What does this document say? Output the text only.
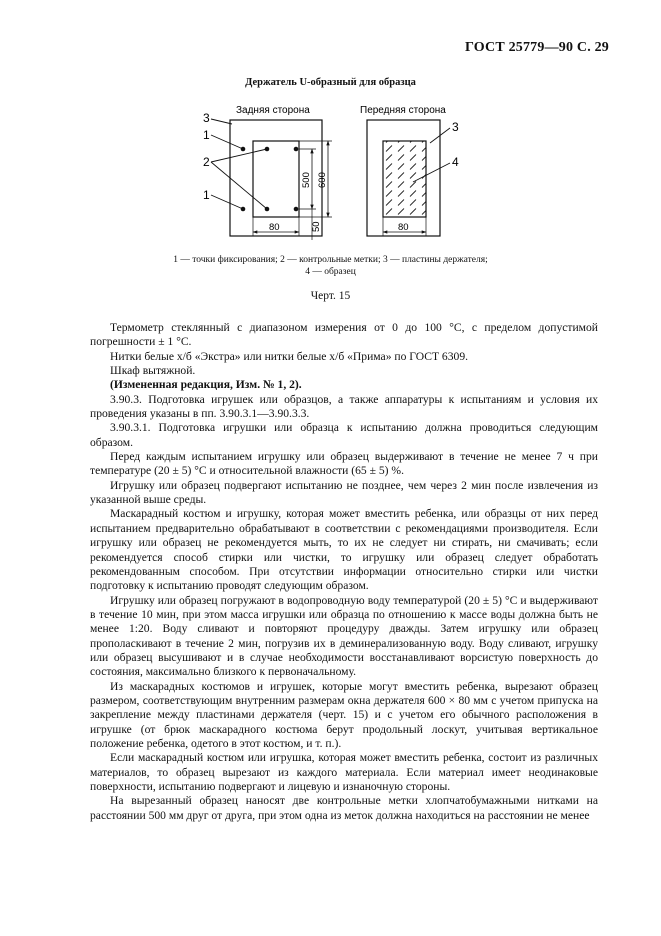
ГОСТ 25779—90 С. 29
Держатель U-образный для образца
Задняя сторона
3
1
2
1
80
500 600
50
Передняя сторона
3
4
80
1 — точки фиксирования; 2 — контрольные метки; 3 — пластины держателя;
4 — образец
Черт. 15

Термометр стеклянный с диапазоном измерения от 0 до 100 °С, с пределом допустимой погрешности ± 1 °С.

Нитки белые х/б «Экстра» или нитки белые х/б «Прима» по ГОСТ 6309.

Шкаф вытяжной.

(Измененная редакция, Изм. № 1, 2).

3.90.3. Подготовка игрушек или образцов, а также аппаратуры к испытаниям и условия их проведения указаны в пп. 3.90.3.1—3.90.3.3.

3.90.3.1. Подготовка игрушки или образца к испытанию должна проводиться следующим образом.

Перед каждым испытанием игрушку или образец выдерживают в течение не менее 7 ч при температуре (20 ± 5) °С и относительной влажности (65 ± 5) %.

Игрушку или образец подвергают испытанию не позднее, чем через 2 мин после извлечения из указанной выше среды.

Маскарадный костюм и игрушку, которая может вместить ребенка, или образцы от них перед испытанием предварительно обрабатывают в соответствии с рекомендациями производителя. Если игрушку или образец не рекомендуется мыть, то их не следует ни стирать, ни смачивать; если рекомендуется способ стирки или чистки, то игрушку или образец следует обработать рекомендованным способом. При отсутствии информации относительно стирки или чистки подготовку к испытанию проводят следующим образом.

Игрушку или образец погружают в водопроводную воду температурой (20 ± 5) °С и выдерживают в течение 10 мин, при этом масса игрушки или образца по отношению к массе воды должна быть не менее 1:20. Воду сливают и повторяют процедуру дважды. Затем игрушку или образец прополаскивают в течение 2 мин, погрузив их в деминерализованную воду. Воду сливают, игрушку или образец высушивают и в случае необходимости восстанавливают ворсистую поверхность до состояния, максимально близкого к первоначальному.

Из маскарадных костюмов и игрушек, которые могут вместить ребенка, вырезают образец размером, соответствующим внутренним размерам окна держателя 600 × 80 мм с учетом припуска на закрепление между пластинами держателя (черт. 15) и с учетом его обычного расположения в игрушке (от брюк маскарадного костюма берут продольный лоскут, учитывая вертикальное положение ребенка, одетого в этот костюм, и т. п.).

Если маскарадный костюм или игрушка, которая может вместить ребенка, состоит из различных материалов, то образец вырезают из каждого материала. Если материал имеет неодинаковые поверхности, испытанию подвергают и лицевую и изнаночную стороны.

На вырезанный образец наносят две контрольные метки хлопчатобумажными нитками на расстоянии 500 мм друг от друга, при этом одна из меток должна находиться на расстоянии не менее
